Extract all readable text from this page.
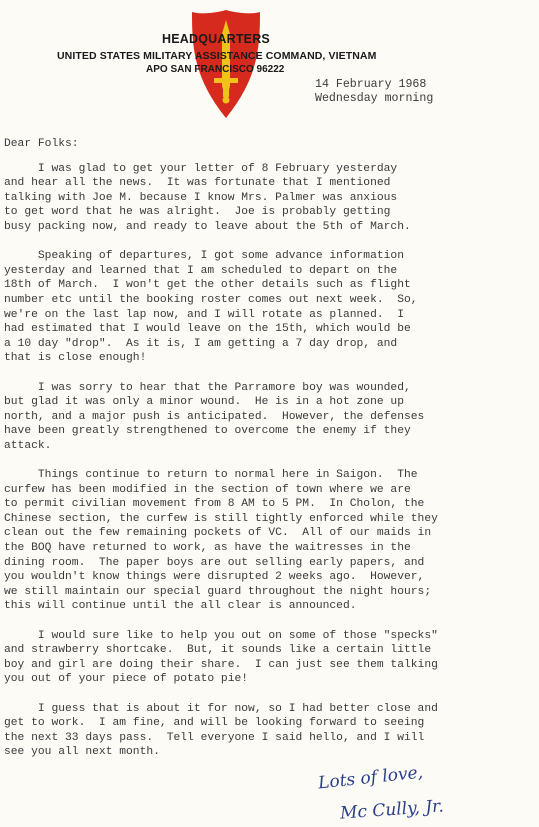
HEADQUARTERS
UNITED STATES MILITARY ASSISTANCE COMMAND, VIETNAM
APO SAN FRANCISCO 96222
14 February 1968
Wednesday morning
Dear Folks:
I was glad to get your letter of 8 February yesterday
and hear all the news.  It was fortunate that I mentioned
talking with Joe M. because I know Mrs. Palmer was anxious
to get word that he was alright.  Joe is probably getting
busy packing now, and ready to leave about the 5th of March.
Speaking of departures, I got some advance information
yesterday and learned that I am scheduled to depart on the
18th of March.  I won't get the other details such as flight
number etc until the booking roster comes out next week.  So,
we're on the last lap now, and I will rotate as planned.  I
had estimated that I would leave on the 15th, which would be
a 10 day "drop".  As it is, I am getting a 7 day drop, and
that is close enough!
I was sorry to hear that the Parramore boy was wounded,
but glad it was only a minor wound.  He is in a hot zone up
north, and a major push is anticipated.  However, the defenses
have been greatly strengthened to overcome the enemy if they
attack.
Things continue to return to normal here in Saigon.  The
curfew has been modified in the section of town where we are
to permit civilian movement from 8 AM to 5 PM.  In Cholon, the
Chinese section, the curfew is still tightly enforced while they
clean out the few remaining pockets of VC.  All of our maids in
the BOQ have returned to work, as have the waitresses in the
dining room.  The paper boys are out selling early papers, and
you wouldn't know things were disrupted 2 weeks ago.  However,
we still maintain our special guard throughout the night hours;
this will continue until the all clear is announced.
I would sure like to help you out on some of those "specks"
and strawberry shortcake.  But, it sounds like a certain little
boy and girl are doing their share.  I can just see them talking
you out of your piece of potato pie!
I guess that is about it for now, so I had better close and
get to work.  I am fine, and will be looking forward to seeing
the next 33 days pass.  Tell everyone I said hello, and I will
see you all next month.
Lots of love,
Mc Cully, Jr.
